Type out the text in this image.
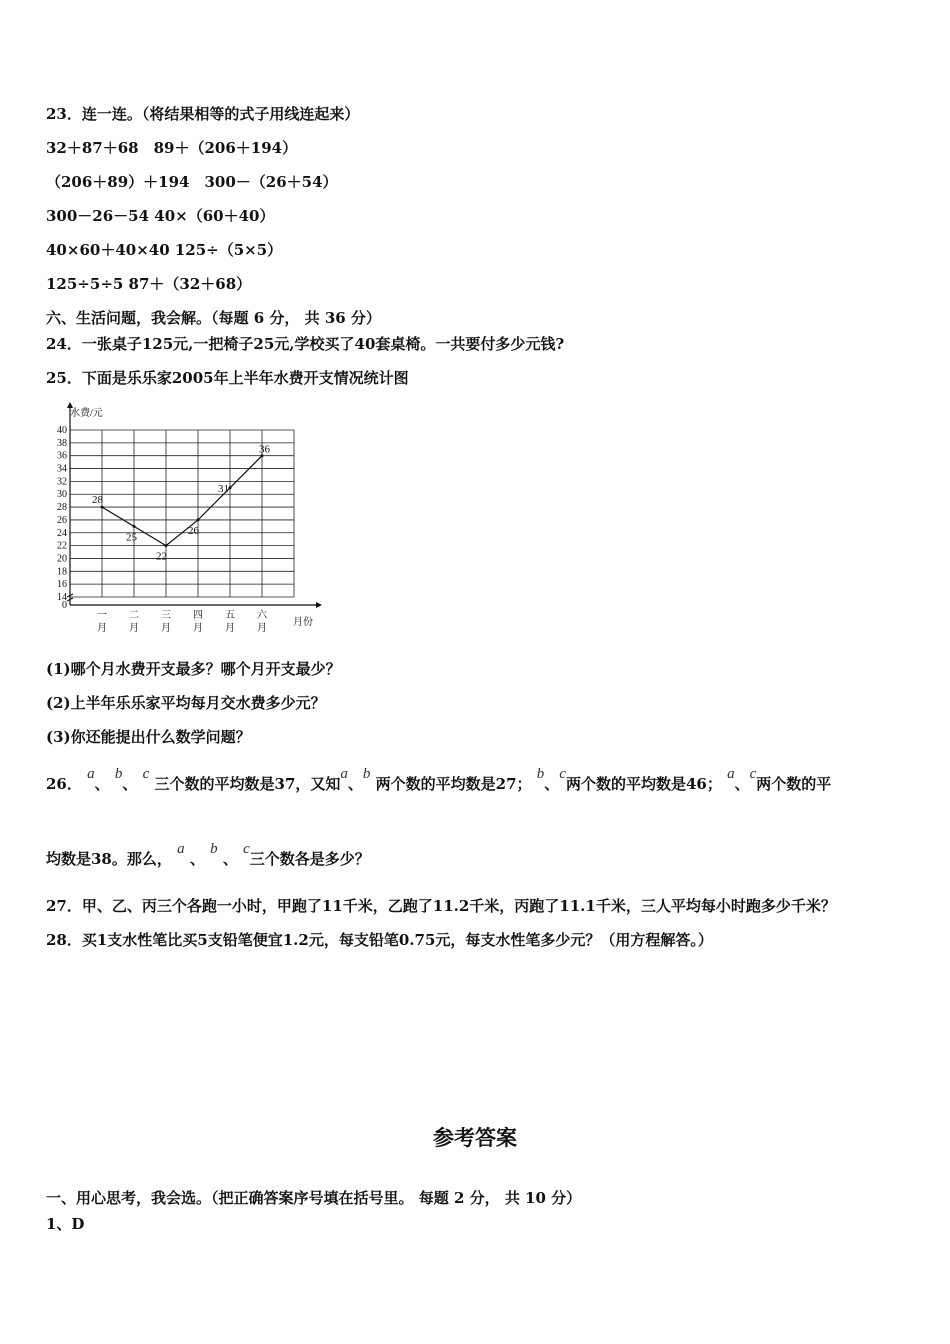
23．连一连。（将结果相等的式子用线连起来）
32＋87＋68　89＋（206＋194）
（206＋89）＋194　300－（26＋54）
300－26－54 40×（60＋40）
40×60＋40×40 125÷（5×5）
125÷5÷5 87＋（32＋68）
六、生活问题，我会解。（每题 6 分， 共 36 分）
24．一张桌子125元,一把椅子25元,学校买了40套桌椅。一共要付多少元钱?
25．下面是乐乐家2005年上半年水费开支情况统计图
水费/元
月份
0
14
16
18
20
22
24
26
28
30
32
34
36
38
40
一
月
二
月
三
月
四
月
五
月
六
月
28
25
22
26
31
36
(1)哪个月水费开支最多？哪个月开支最少？
(2)上半年乐乐家平均每月交水费多少元？
(3)你还能提出什么数学问题？
26． a、 b、 c 三个数的平均数是37，又知a、b 两个数的平均数是27； b、c两个数的平均数是46； a、c两个数的平
均数是38。那么， a 、 b 、 c三个数各是多少？
27．甲、乙、丙三个各跑一小时，甲跑了11千米，乙跑了11.2千米，丙跑了11.1千米，三人平均每小时跑多少千米？
28．买1支水性笔比买5支铅笔便宜1.2元，每支铅笔0.75元，每支水性笔多少元？（用方程解答。）
参考答案
一、用心思考，我会选。（把正确答案序号填在括号里。 每题 2 分， 共 10 分）
1、D
